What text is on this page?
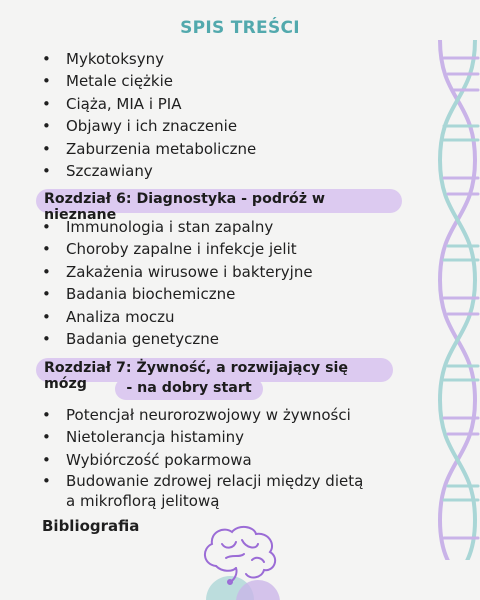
SPIS TREŚCI
• Mykotoksyny
• Metale ciężkie
• Ciąża, MIA i PIA
• Objawy i ich znaczenie
• Zaburzenia metaboliczne
• Szczawiany
Rozdział 6: Diagnostyka - podróż w nieznane
• Immunologia i stan zapalny
• Choroby zapalne i infekcje jelit
• Zakażenia wirusowe i bakteryjne
• Badania biochemiczne
• Analiza moczu
• Badania genetyczne
Rozdział 7: Żywność, a rozwijający się mózg	- na dobry start
• Potencjał neurorozwojowy w żywności
• Nietolerancja histaminy
• Wybiórczość pokarmowa
• Budowanie zdrowej relacji między dietą a mikroflorą jelitową
Bibliografia
